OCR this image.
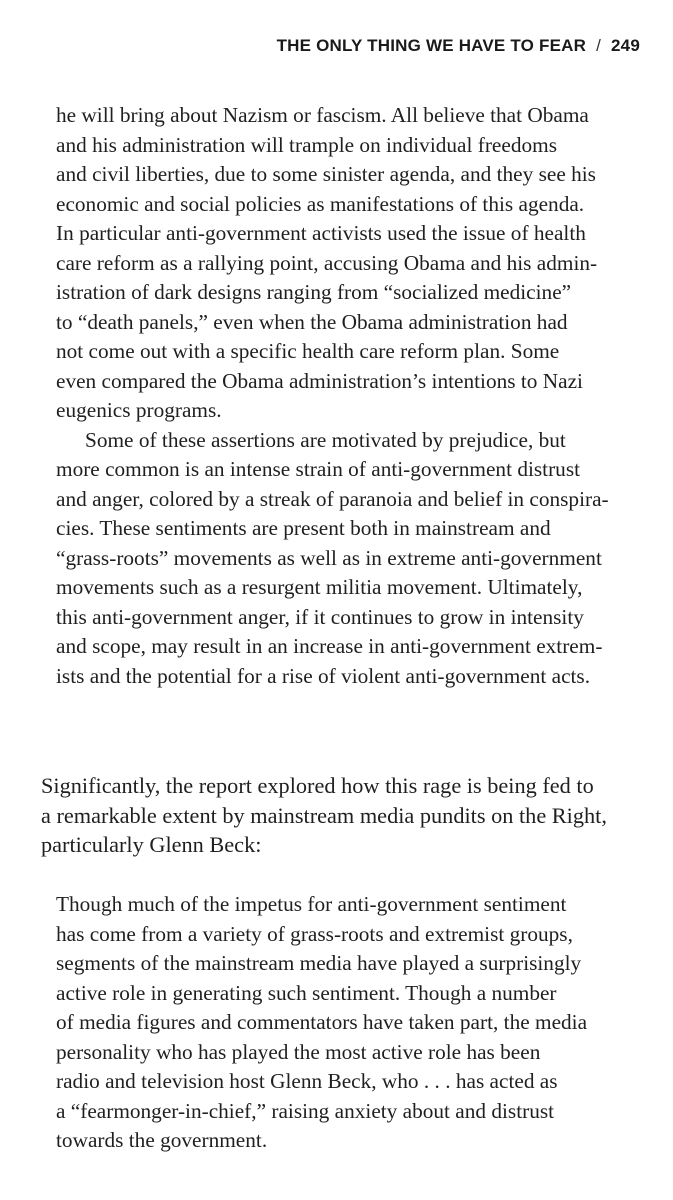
THE ONLY THING WE HAVE TO FEAR / 249
he will bring about Nazism or fascism. All believe that Obama
and his administration will trample on individual freedoms
and civil liberties, due to some sinister agenda, and they see his
economic and social policies as manifestations of this agenda.
In particular anti-government activists used the issue of health
care reform as a rallying point, accusing Obama and his admin-
istration of dark designs ranging from “socialized medicine”
to “death panels,” even when the Obama administration had
not come out with a specific health care reform plan. Some
even compared the Obama administration’s intentions to Nazi
eugenics programs.
Some of these assertions are motivated by prejudice, but
more common is an intense strain of anti-government distrust
and anger, colored by a streak of paranoia and belief in conspira-
cies. These sentiments are present both in mainstream and
“grass-roots” movements as well as in extreme anti-government
movements such as a resurgent militia movement. Ultimately,
this anti-government anger, if it continues to grow in intensity
and scope, may result in an increase in anti-government extrem-
ists and the potential for a rise of violent anti-government acts.
Significantly, the report explored how this rage is being fed to
a remarkable extent by mainstream media pundits on the Right,
particularly Glenn Beck:
Though much of the impetus for anti-government sentiment
has come from a variety of grass-roots and extremist groups,
segments of the mainstream media have played a surprisingly
active role in generating such sentiment. Though a number
of media figures and commentators have taken part, the media
personality who has played the most active role has been
radio and television host Glenn Beck, who . . . has acted as
a “fearmonger-in-chief,” raising anxiety about and distrust
towards the government.
